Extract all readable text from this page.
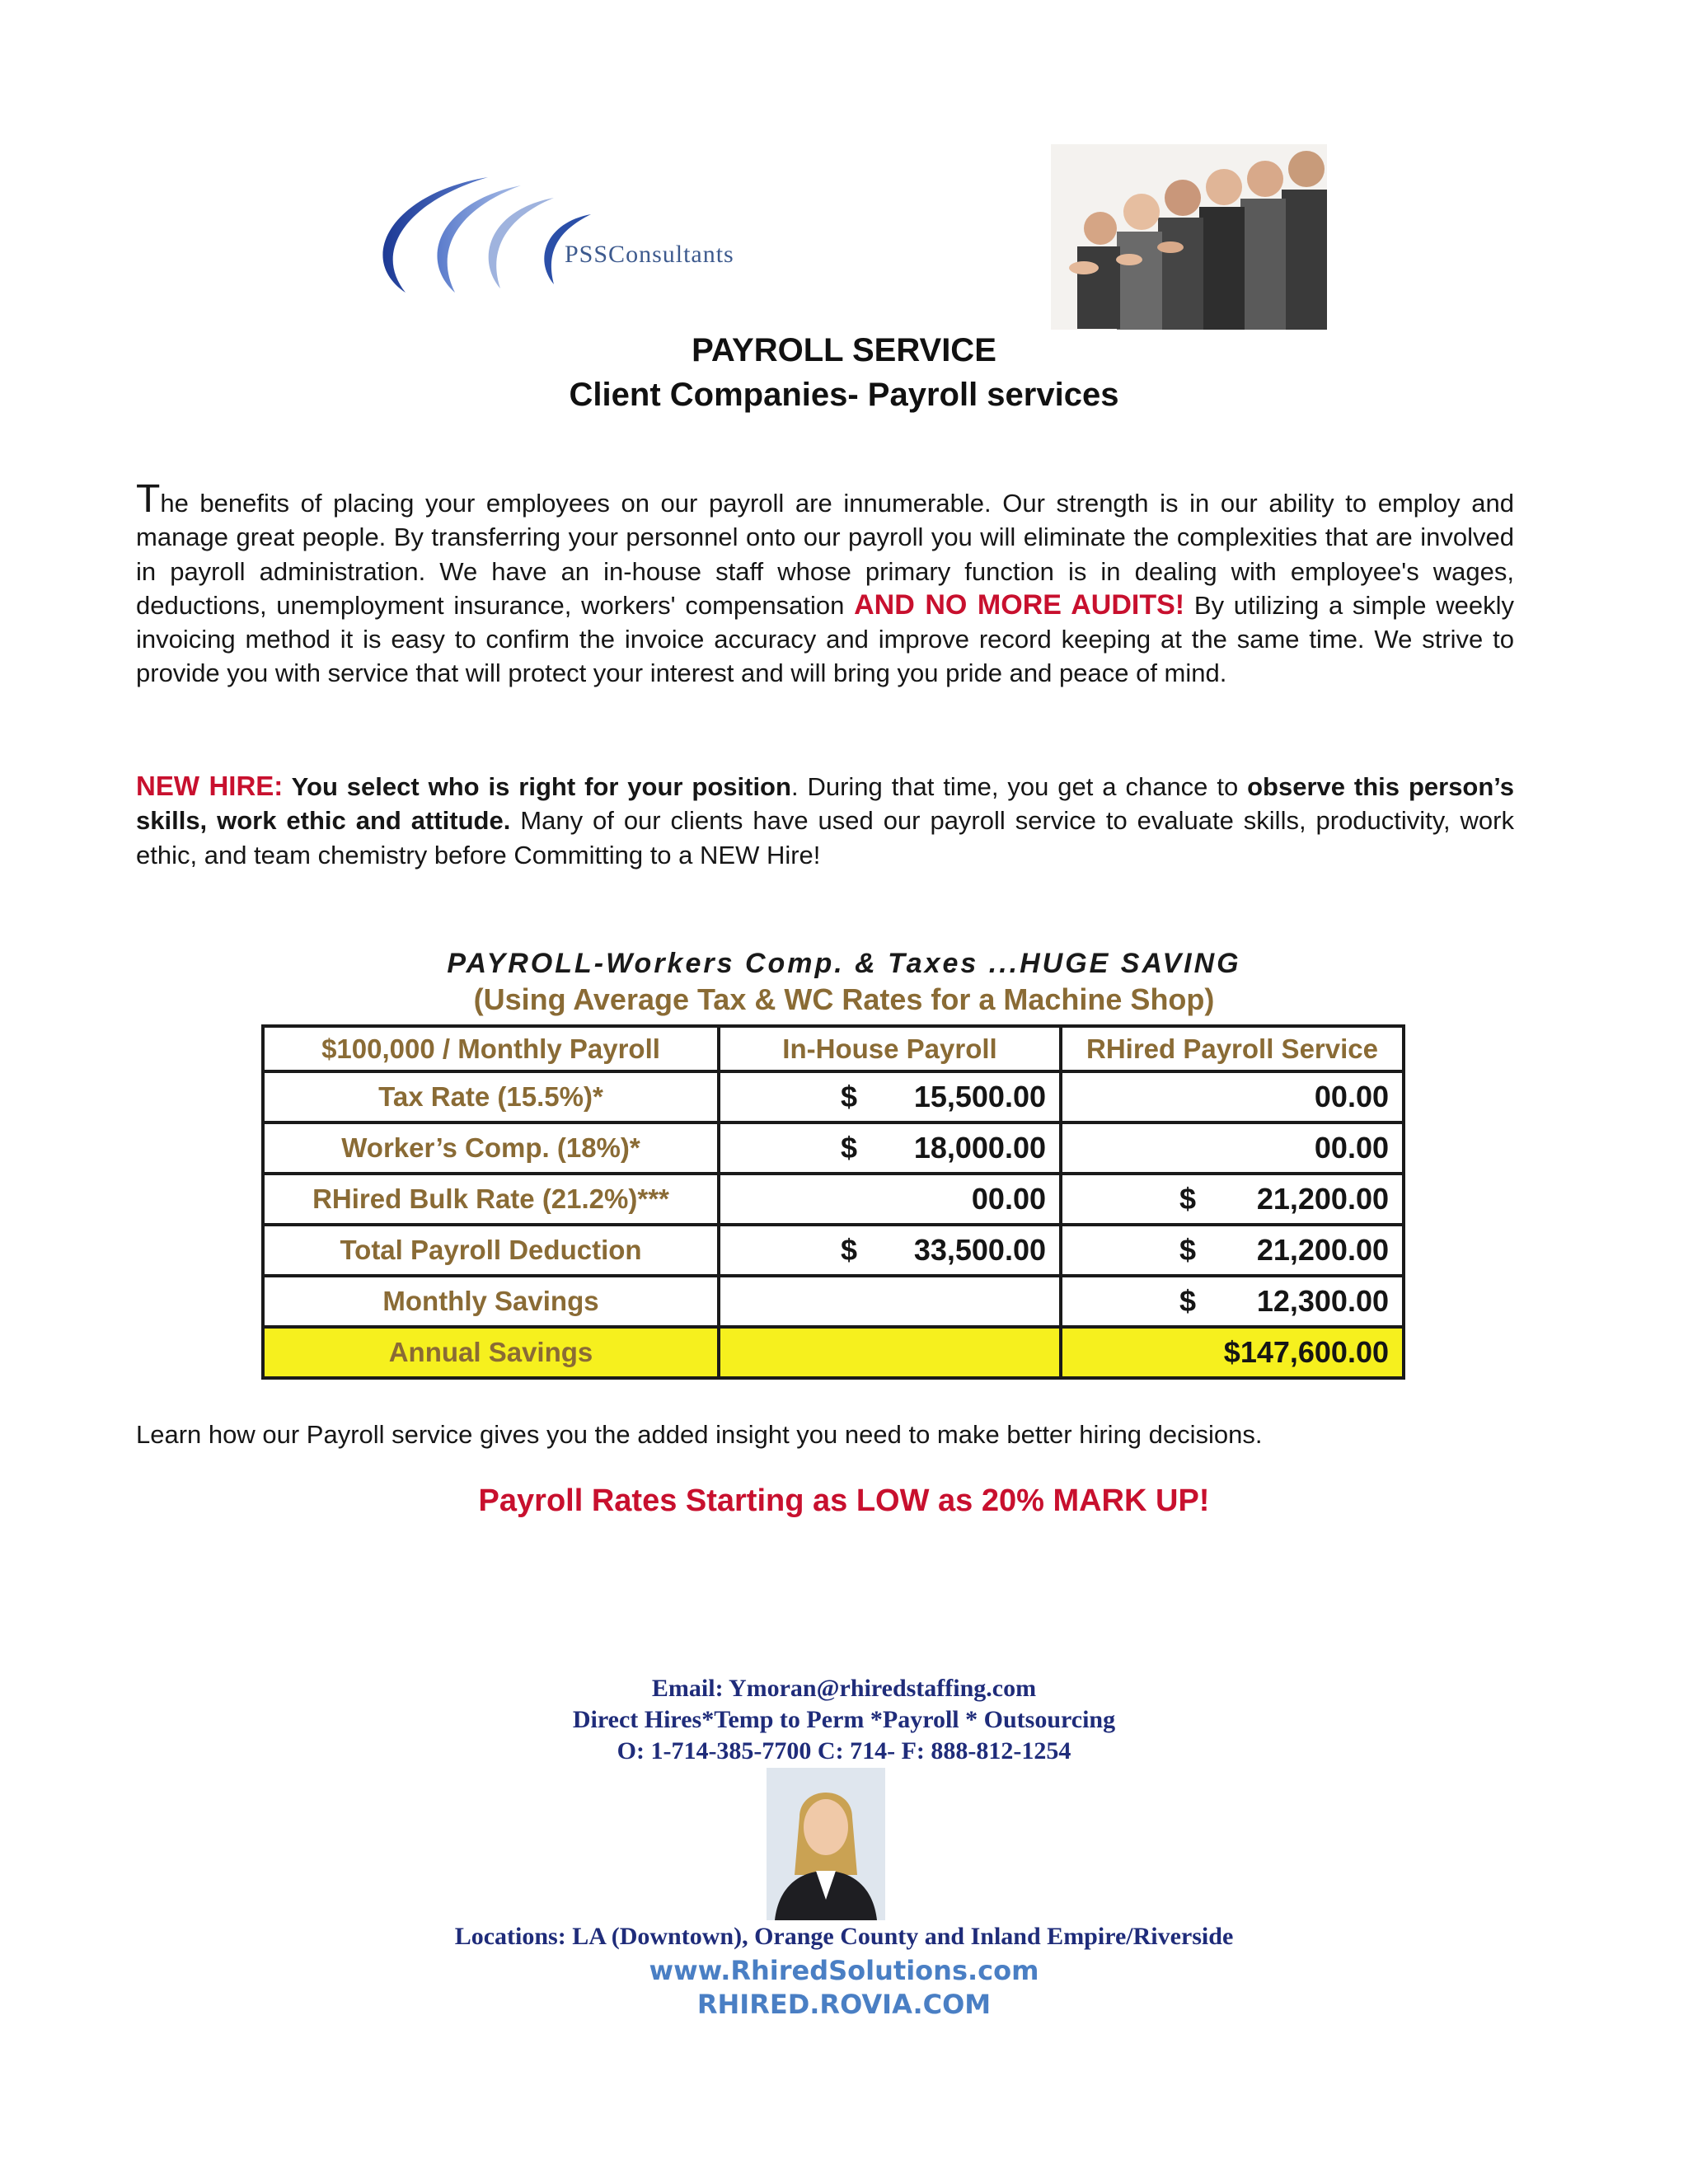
PSSConsultants
PAYROLL SERVICE
Client Companies- Payroll services
The benefits of placing your employees on our payroll are innumerable. Our strength is in our ability to employ and manage great people. By transferring your personnel onto our payroll you will eliminate the complexities that are involved in payroll administration. We have an in-house staff whose primary function is in dealing with employee's wages, deductions, unemployment insurance, workers' compensation AND NO MORE AUDITS! By utilizing a simple weekly invoicing method it is easy to confirm the invoice accuracy and improve record keeping at the same time. We strive to provide you with service that will protect your interest and will bring you pride and peace of mind.
NEW HIRE: You select who is right for your position. During that time, you get a chance to observe this person’s skills, work ethic and attitude. Many of our clients have used our payroll service to evaluate skills, productivity, work ethic, and team chemistry before Committing to a NEW Hire!
PAYROLL-Workers Comp. & Taxes ...HUGE SAVING
(Using Average Tax & WC Rates for a Machine Shop)
$100,000 / Monthly Payroll	In-House Payroll	RHired Payroll Service
Tax Rate (15.5%)*	$ 15,500.00	00.00
Worker’s Comp. (18%)*	$ 18,000.00	00.00
RHired Bulk Rate (21.2%)***	00.00	$ 21,200.00
Total Payroll Deduction	$ 33,500.00	$ 21,200.00
Monthly Savings		$ 12,300.00
Annual Savings		$147,600.00
Learn how our Payroll service gives you the added insight you need to make better hiring decisions.
Payroll Rates Starting as LOW as 20% MARK UP!
Email: Ymoran@rhiredstaffing.com
Direct Hires*Temp to Perm *Payroll * Outsourcing
O: 1-714-385-7700 C: 714- F: 888-812-1254
Locations: LA (Downtown), Orange County and Inland Empire/Riverside
www.RhiredSolutions.com
RHIRED.ROVIA.COM
